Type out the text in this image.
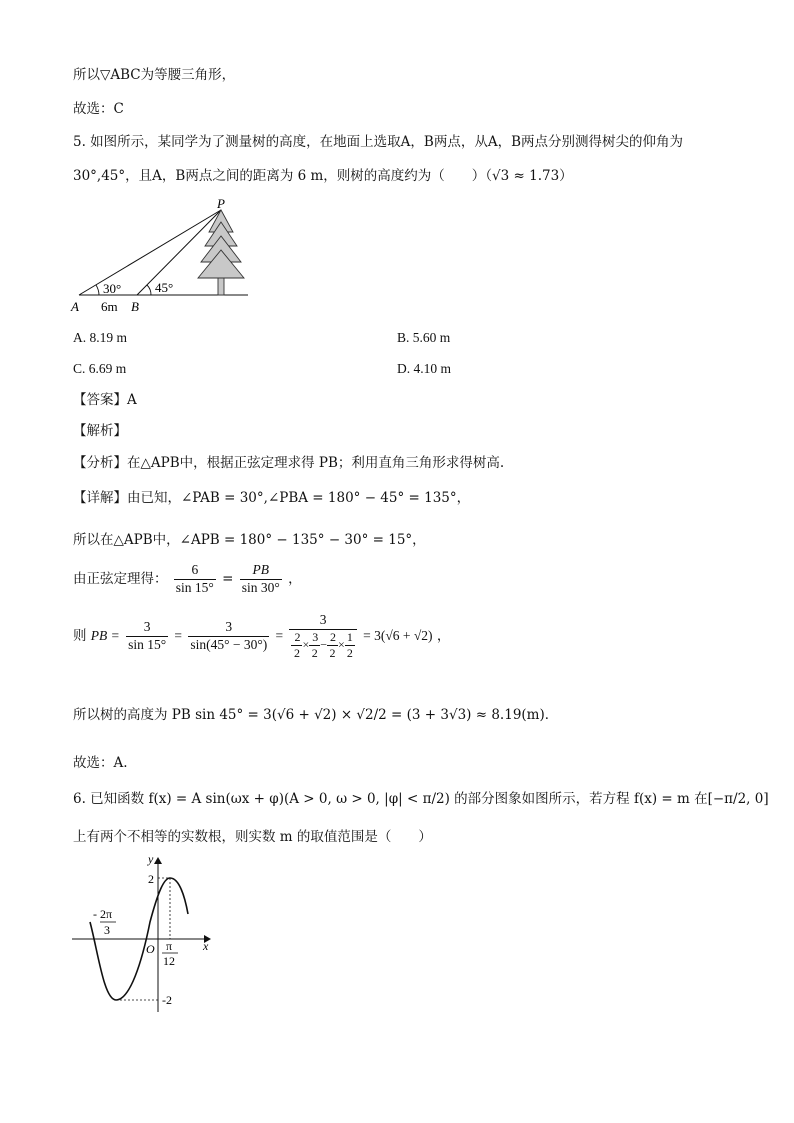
所以▽ABC为等腰三角形，
故选：C
5. 如图所示，某同学为了测量树的高度，在地面上选取A，B两点，从A，B两点分别测得树尖的仰角为
30°,45°，且A，B两点之间的距离为 6 m，则树的高度约为（　　）（√3 ≈ 1.73）
P
A	B
30°	45°
6m
A. 8.19 m	B. 5.60 m
C. 6.69 m	D. 4.10 m
【答案】A
【解析】
【分析】在△APB中，根据正弦定理求得 PB；利用直角三角形求得树高.
【详解】由已知，∠PAB = 30°,∠PBA = 180° − 45° = 135°，
所以在△APB中，∠APB = 180° − 135° − 30° = 15°，
由正弦定理得： $\frac{6}{\sin 15^\circ} = \frac{PB}{\sin 30^\circ}$ ，
则 PB = $\frac{3}{\sin 15^\circ} = \frac{3}{\sin(45^\circ - 30^\circ)} = \frac{3}{\frac{2}{2} \times \frac{3}{2} - \frac{2}{2} \times \frac{1}{2}} = 3(√6 + √2)$ ，
所以树的高度为 PB sin 45° = 3(√6 + √2) × √2/2 = (3 + 3√3) ≈ 8.19(m)．
故选：A.
6. 已知函数 f(x) = A sin(ωx + φ)(A > 0, ω > 0, |φ| < π/2) 的部分图象如图所示，若方程 f(x) = m 在[−π/2, 0]
上有两个不相等的实数根，则实数 m 的取值范围是（　　）
y
x
O
2
-2
- 2π
3
π
12
